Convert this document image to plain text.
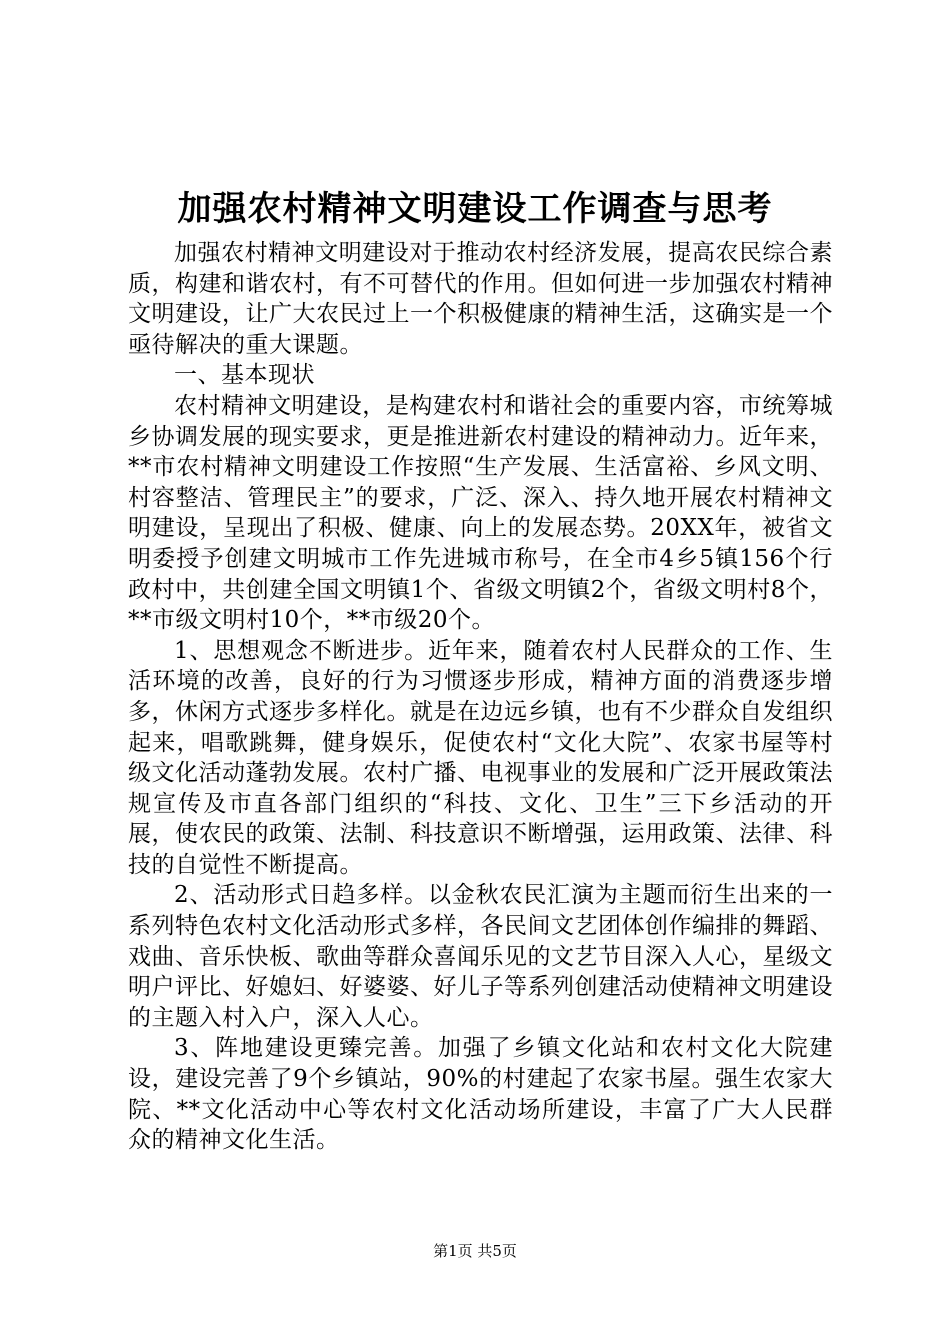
加强农村精神文明建设工作调查与思考

加强农村精神文明建设对于推动农村经济发展，提高农民综合素质，构建和谐农村，有不可替代的作用。但如何进一步加强农村精神文明建设，让广大农民过上一个积极健康的精神生活，这确实是一个亟待解决的重大课题。

一、基本现状

农村精神文明建设，是构建农村和谐社会的重要内容，市统筹城乡协调发展的现实要求，更是推进新农村建设的精神动力。近年来，**市农村精神文明建设工作按照“生产发展、生活富裕、乡风文明、村容整洁、管理民主”的要求，广泛、深入、持久地开展农村精神文明建设，呈现出了积极、健康、向上的发展态势。20XX年，被省文明委授予创建文明城市工作先进城市称号，在全市4乡5镇156个行政村中，共创建全国文明镇1个、省级文明镇2个，省级文明村8个，**市级文明村10个，**市级20个。

1、思想观念不断进步。近年来，随着农村人民群众的工作、生活环境的改善，良好的行为习惯逐步形成，精神方面的消费逐步增多，休闲方式逐步多样化。就是在边远乡镇，也有不少群众自发组织起来，唱歌跳舞，健身娱乐，促使农村“文化大院”、农家书屋等村级文化活动蓬勃发展。农村广播、电视事业的发展和广泛开展政策法规宣传及市直各部门组织的“科技、文化、卫生”三下乡活动的开展，使农民的政策、法制、科技意识不断增强，运用政策、法律、科技的自觉性不断提高。

2、活动形式日趋多样。以金秋农民汇演为主题而衍生出来的一系列特色农村文化活动形式多样，各民间文艺团体创作编排的舞蹈、戏曲、音乐快板、歌曲等群众喜闻乐见的文艺节目深入人心，星级文明户评比、好媳妇、好婆婆、好儿子等系列创建活动使精神文明建设的主题入村入户，深入人心。

3、阵地建设更臻完善。加强了乡镇文化站和农村文化大院建设，建设完善了9个乡镇站，90%的村建起了农家书屋。强生农家大院、**文化活动中心等农村文化活动场所建设，丰富了广大人民群众的精神文化生活。

第1页 共5页
